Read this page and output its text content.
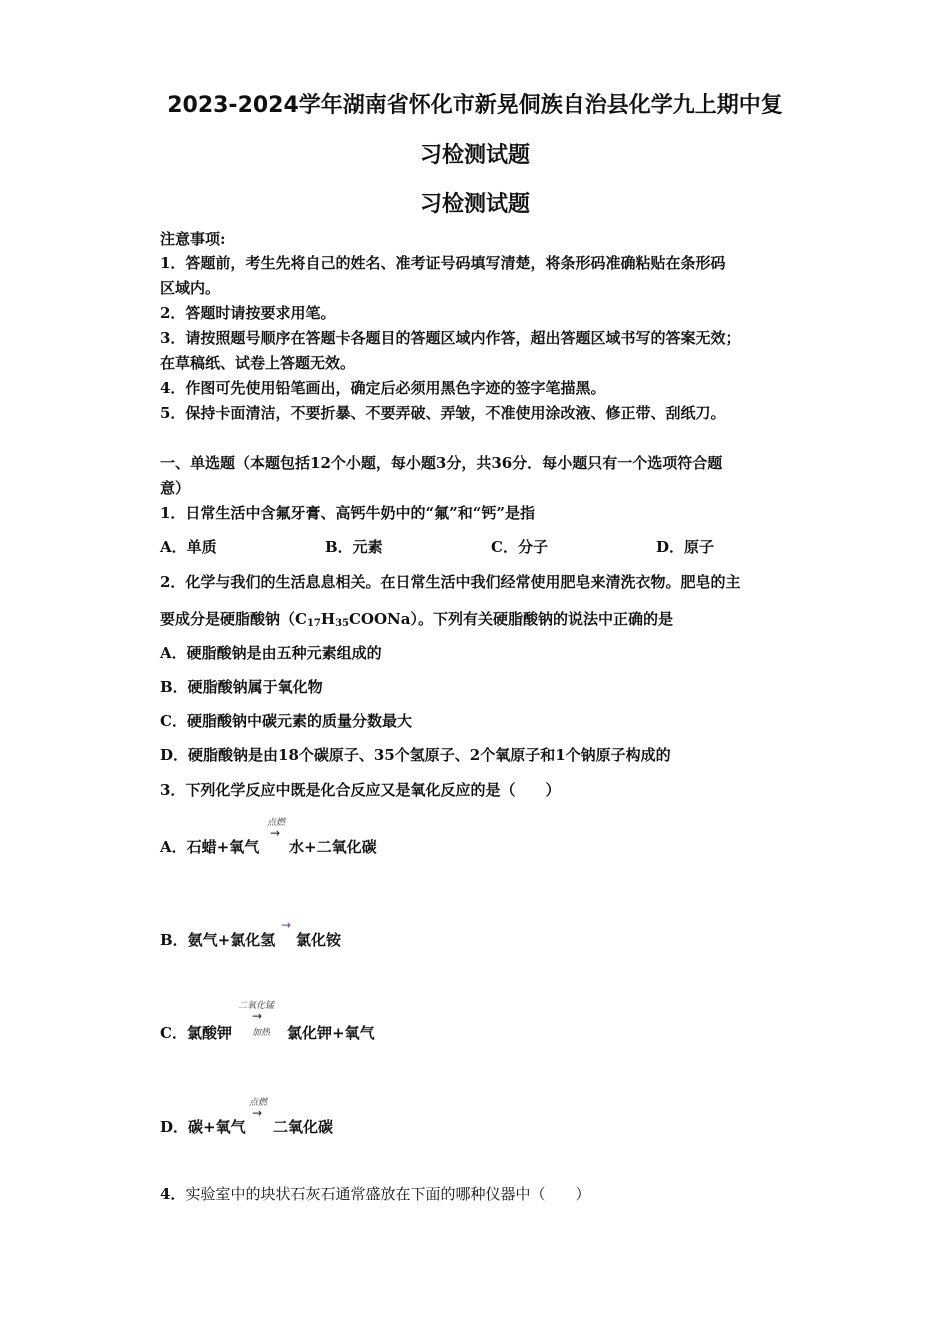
2023-2024学年湖南省怀化市新晃侗族自治县化学九上期中复
习检测试题
习检测试题
注意事项:
1．答题前，考生先将自己的姓名、准考证号码填写清楚，将条形码准确粘贴在条形码
区域内。
2．答题时请按要求用笔。
3．请按照题号顺序在答题卡各题目的答题区域内作答，超出答题区域书写的答案无效；
在草稿纸、试卷上答题无效。
4．作图可先使用铅笔画出，确定后必须用黑色字迹的签字笔描黑。
5．保持卡面清洁，不要折暴、不要弄破、弄皱，不准使用涂改液、修正带、刮纸刀。
一、单选题（本题包括12个小题，每小题3分，共36分．每小题只有一个选项符合题
意）
1．日常生活中含氟牙膏、高钙牛奶中的“氟”和“钙”是指
A．单质	B．元素	C．分子	D．原子
2．化学与我们的生活息息相关。在日常生活中我们经常使用肥皂来清洗衣物。肥皂的主
要成分是硬脂酸钠$(C_{17}H_{35}COONa)$。下列有关硬脂酸钠的说法中正确的是
A．硬脂酸钠是由五种元素组成的
B．硬脂酸钠属于氧化物
C．硬脂酸钠中碳元素的质量分数最大
D．硬脂酸钠是由18个碳原子、35个氢原子、2个氧原子和1个钠原子构成的
3．下列化学反应中既是化合反应又是氧化反应的是（　　）
A．石蜡+氧气
点燃
→
水+二氧化碳
B．氨气+氯化氢
→
氯化铵
C．氯酸钾
二氧化锰
→
加热 氯化钾+氧气
D．碳+氧气
点燃
→
二氧化碳
4．实验室中的块状石灰石通常盛放在下面的哪种仪器中（　　）
